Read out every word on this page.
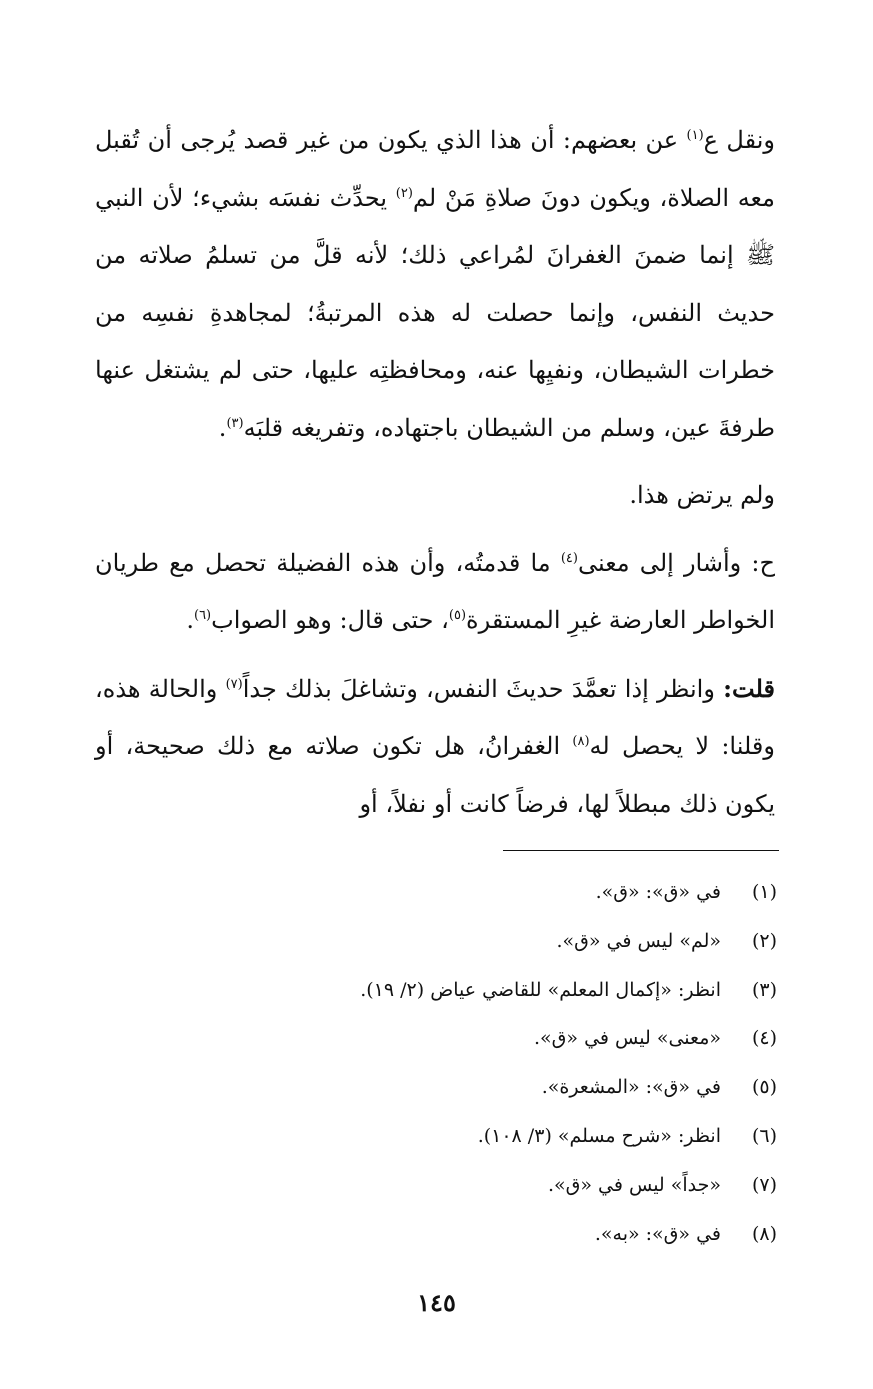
ونقل ع$^{(١)}$ عن بعضهم: أن هذا الذي يكون من غير قصد يُرجى أن تُقبل معه الصلاة، ويكون دونَ صلاةِ مَنْ لم$^{(٢)}$ يحدِّث نفسَه بشيء؛ لأن النبي ﷺ إنما ضمنَ الغفرانَ لمُراعي ذلك؛ لأنه قلَّ من تسلمُ صلاته من حديث النفس، وإنما حصلت له هذه المرتبةُ؛ لمجاهدةِ نفسِه من خطرات الشيطان، ونفيِها عنه، ومحافظتِه عليها، حتى لم يشتغل عنها طرفةَ عين، وسلم من الشيطان باجتهاده، وتفريغه قلبَه$^{(٣)}$.

ولم يرتض هذا.

ح: وأشار إلى معنى$^{(٤)}$ ما قدمتُه، وأن هذه الفضيلة تحصل مع طريان الخواطر العارضة غيرِ المستقرة$^{(٥)}$، حتى قال: وهو الصواب$^{(٦)}$.

قلت: وانظر إذا تعمَّدَ حديثَ النفس، وتشاغلَ بذلك جداً$^{(٧)}$ والحالة هذه، وقلنا: لا يحصل له$^{(٨)}$ الغفرانُ، هل تكون صلاته مع ذلك صحيحة، أو يكون ذلك مبطلاً لها، فرضاً كانت أو نفلاً، أو

(١)في «ق»: «ق».
(٢)«لم» ليس في «ق».
(٣)انظر: «إكمال المعلم» للقاضي عياض (٢/ ١٩).
(٤)«معنى» ليس في «ق».
(٥)في «ق»: «المشعرة».
(٦)انظر: «شرح مسلم» (٣/ ١٠٨).
(٧)«جداً» ليس في «ق».
(٨)في «ق»: «به».
١٤٥
